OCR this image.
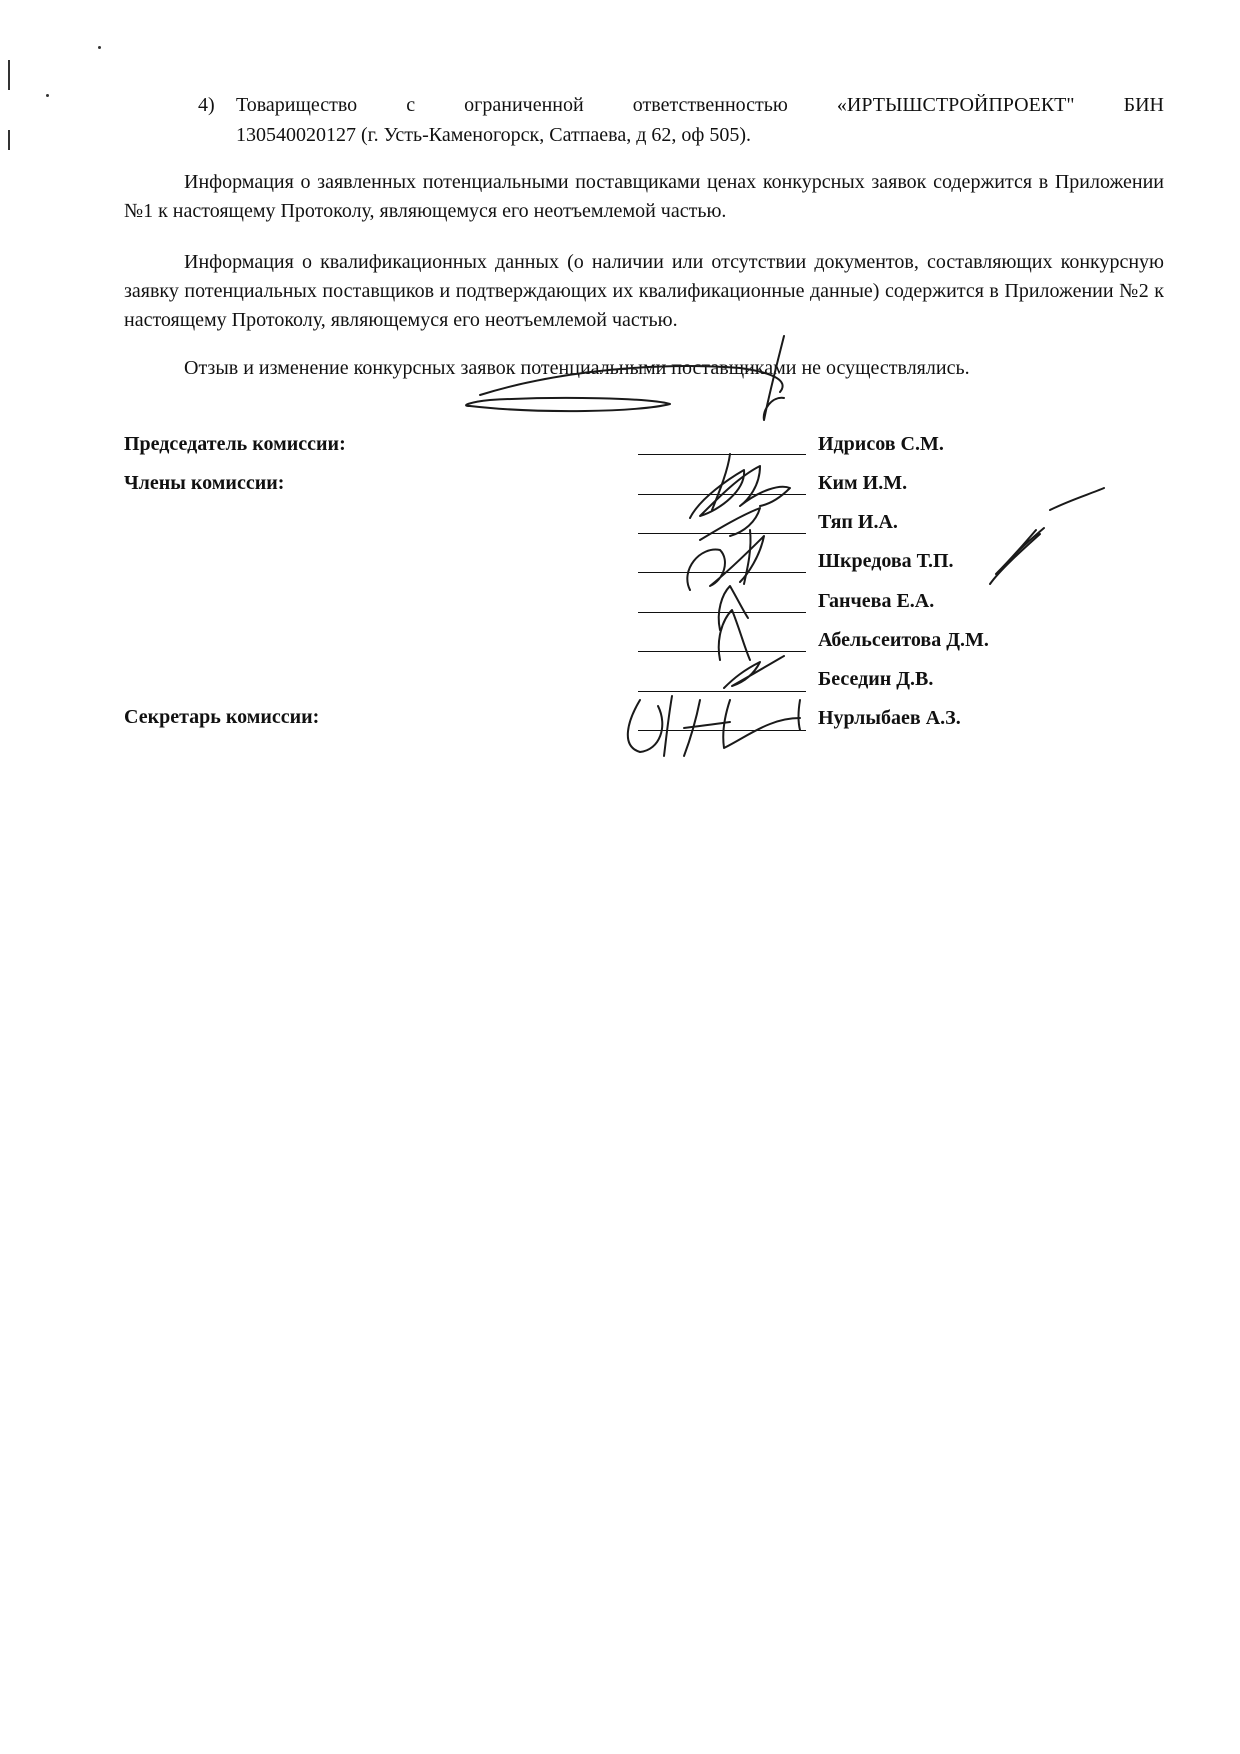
4) Товарищество с ограниченной ответственностью «ИРТЫШСТРОЙПРОЕКТ" БИН
130540020127 (г. Усть-Каменогорск, Сатпаева, д 62, оф 505).
Информация о заявленных потенциальными поставщиками ценах конкурсных заявок содержится в Приложении №1 к настоящему Протоколу, являющемуся его неотъемлемой частью.
Информация о квалификационных данных (о наличии или отсутствии документов, составляющих конкурсную заявку потенциальных поставщиков и подтверждающих их квалификационные данные) содержится в Приложении №2 к настоящему Протоколу, являющемуся его неотъемлемой частью.
Отзыв и изменение конкурсных заявок потенциальными поставщиками не осуществлялись.
Председатель комиссии:
Члены комиссии:
Секретарь комиссии:
Идрисов С.М.
Ким И.М.
Тяп И.А.
Шкредова Т.П.
Ганчева Е.А.
Абельсеитова Д.М.
Беседин Д.В.
Нурлыбаев А.З.
